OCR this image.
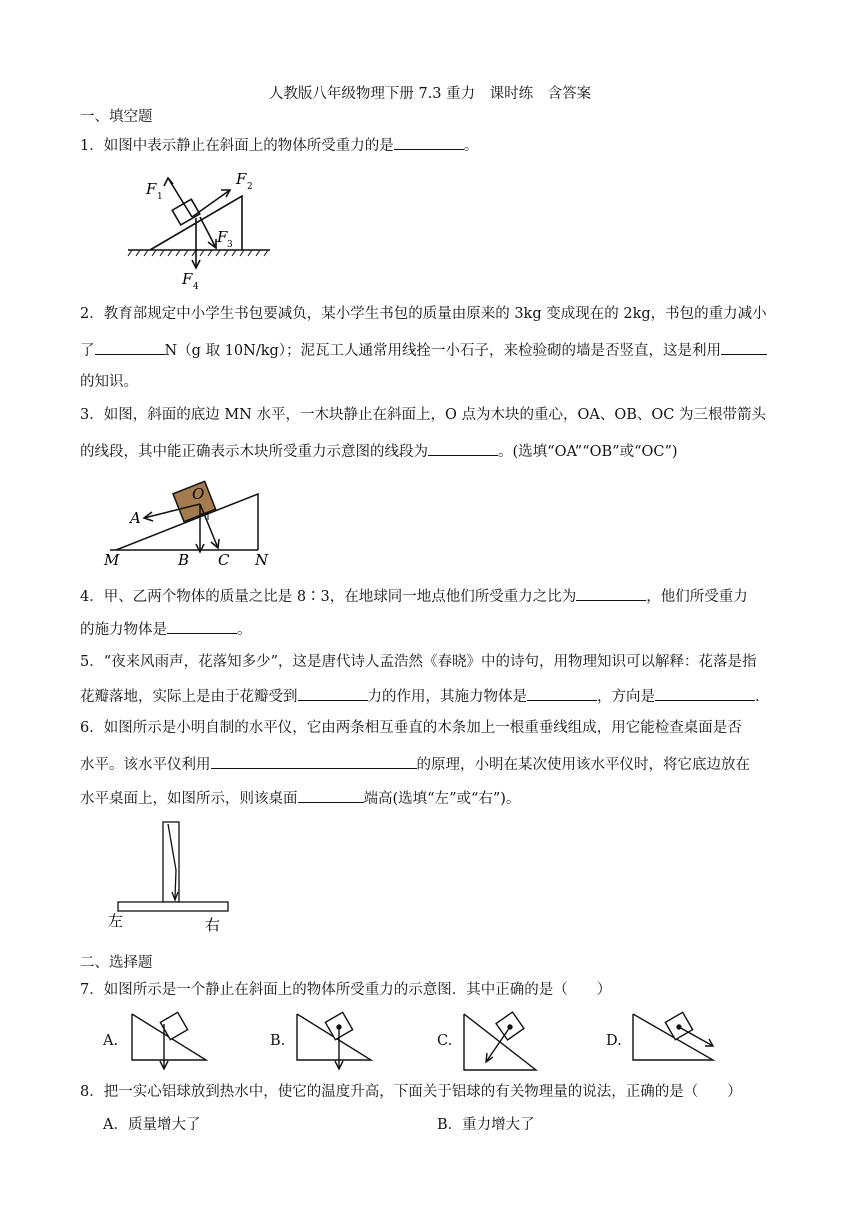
人教版八年级物理下册 7.3 重力　课时练　含答案
一、填空题
1．如图中表示静止在斜面上的物体所受重力的是	。
F 1
F 2
F 3
F 4
2．教育部规定中小学生书包要减负，某小学生书包的质量由原来的 3kg 变成现在的 2kg，书包的重力减小
了	N（g 取 10N/kg）；泥瓦工人通常用线拴一小石子，来检验砌的墙是否竖直，这是利用
的知识。
3．如图，斜面的底边 MN 水平，一木块静止在斜面上，O 点为木块的重心，OA、OB、OC 为三根带箭头
的线段，其中能正确表示木块所受重力示意图的线段为	。(选填“OA”“OB”或“OC”)
O
A
M	B C N
4．甲、乙两个物体的质量之比是 8∶3，在地球同一地点他们所受重力之比为	，他们所受重力
的施力物体是	。
5．“夜来风雨声，花落知多少”，这是唐代诗人孟浩然《春晓》中的诗句，用物理知识可以解释：花落是指
花瓣落地，实际上是由于花瓣受到	力的作用，其施力物体是	，方向是	.
6．如图所示是小明自制的水平仪，它由两条相互垂直的木条加上一根重垂线组成，用它能检查桌面是否
水平。该水平仪利用	的原理，小明在某次使用该水平仪时，将它底边放在
水平桌面上，如图所示，则该桌面	端高(选填“左”或“右”)。
左	右
二、选择题
7．如图所示是一个静止在斜面上的物体所受重力的示意图．其中正确的是（　　）
A.	B.	C.	D.
8．把一实心铝球放到热水中，使它的温度升高，下面关于铝球的有关物理量的说法，正确的是（　　）
A．质量增大了	B．重力增大了
